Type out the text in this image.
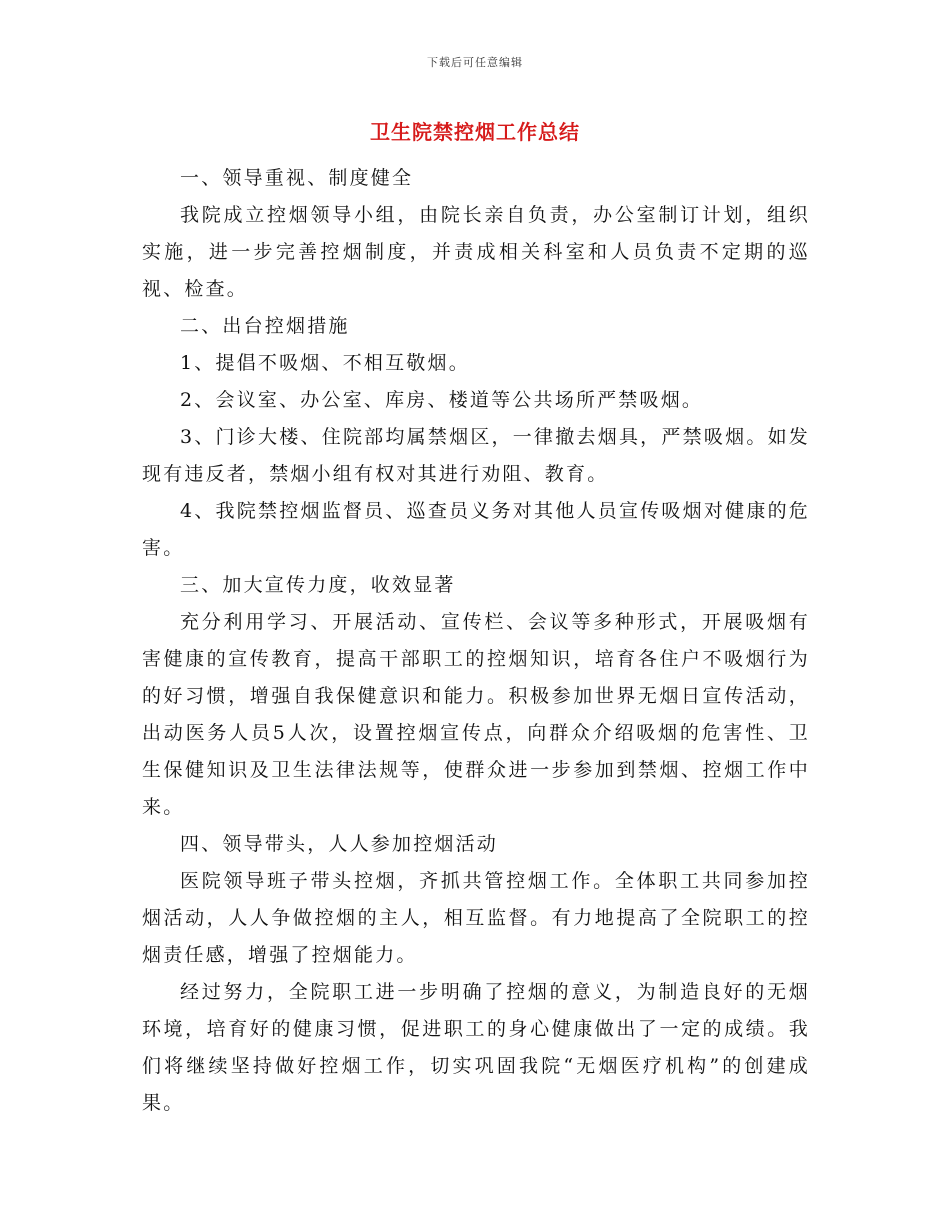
下载后可任意编辑
卫生院禁控烟工作总结

一、领导重视、制度健全

我院成立控烟领导小组，由院长亲自负责，办公室制订计划，组织实施，进一步完善控烟制度，并责成相关科室和人员负责不定期的巡视、检查。

二、出台控烟措施

1、提倡不吸烟、不相互敬烟。

2、会议室、办公室、库房、楼道等公共场所严禁吸烟。

3、门诊大楼、住院部均属禁烟区，一律撤去烟具，严禁吸烟。如发现有违反者，禁烟小组有权对其进行劝阻、教育。

4、我院禁控烟监督员、巡查员义务对其他人员宣传吸烟对健康的危害。

三、加大宣传力度，收效显著

充分利用学习、开展活动、宣传栏、会议等多种形式，开展吸烟有害健康的宣传教育，提高干部职工的控烟知识，培育各住户不吸烟行为的好习惯，增强自我保健意识和能力。积极参加世界无烟日宣传活动，出动医务人员5人次，设置控烟宣传点，向群众介绍吸烟的危害性、卫生保健知识及卫生法律法规等，使群众进一步参加到禁烟、控烟工作中来。

四、领导带头，人人参加控烟活动

医院领导班子带头控烟，齐抓共管控烟工作。全体职工共同参加控烟活动，人人争做控烟的主人，相互监督。有力地提高了全院职工的控烟责任感，增强了控烟能力。

经过努力，全院职工进一步明确了控烟的意义，为制造良好的无烟环境，培育好的健康习惯，促进职工的身心健康做出了一定的成绩。我们将继续坚持做好控烟工作，切实巩固我院“无烟医疗机构”的创建成果。
